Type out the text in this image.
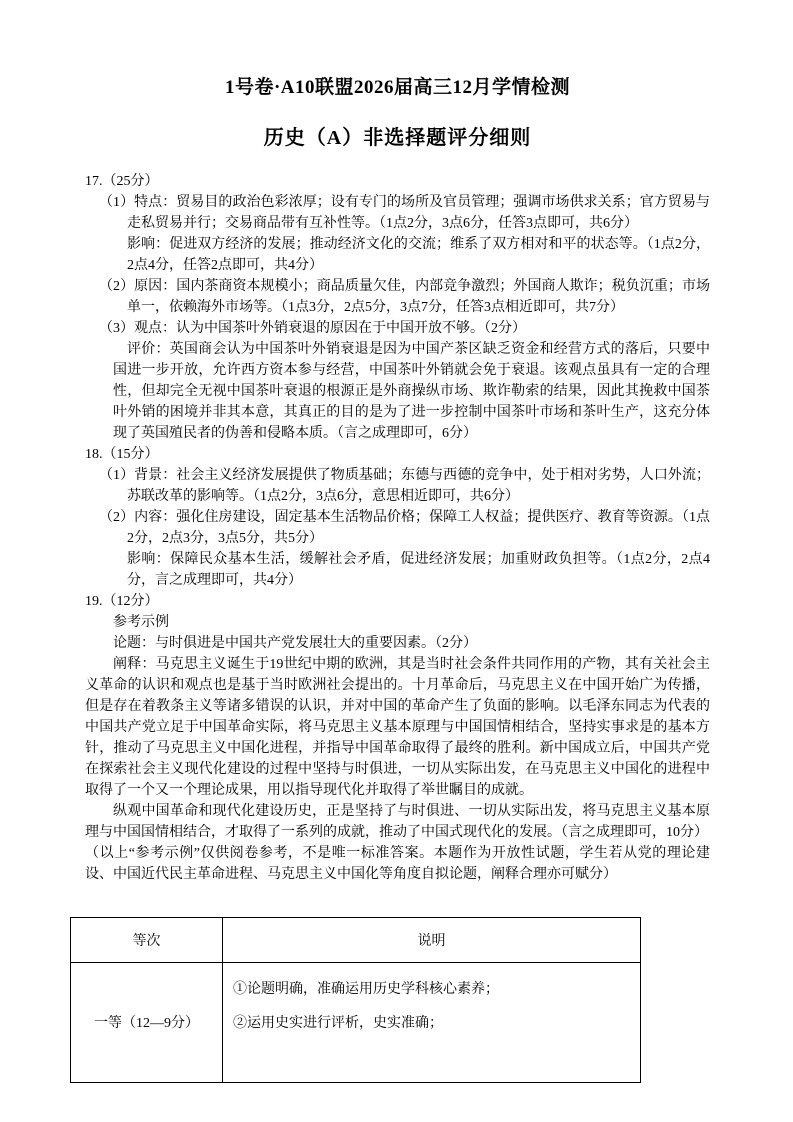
1号卷·A10联盟2026届高三12月学情检测
历史（A）非选择题评分细则

17.（25分）

（1）特点：贸易目的政治色彩浓厚；设有专门的场所及官员管理；强调市场供求关系；官方贸易与走私贸易并行；交易商品带有互补性等。（1点2分，3点6分，任答3点即可，共6分）

影响：促进双方经济的发展；推动经济文化的交流；维系了双方相对和平的状态等。（1点2分，2点4分，任答2点即可，共4分）

（2）原因：国内茶商资本规模小；商品质量欠佳，内部竞争激烈；外国商人欺诈；税负沉重；市场单一，依赖海外市场等。（1点3分，2点5分，3点7分，任答3点相近即可，共7分）

（3）观点：认为中国茶叶外销衰退的原因在于中国开放不够。（2分）

评价：英国商会认为中国茶叶外销衰退是因为中国产茶区缺乏资金和经营方式的落后，只要中国进一步开放，允许西方资本参与经营，中国茶叶外销就会免于衰退。该观点虽具有一定的合理性，但却完全无视中国茶叶衰退的根源正是外商操纵市场、欺诈勒索的结果，因此其挽救中国茶叶外销的困境并非其本意，其真正的目的是为了进一步控制中国茶叶市场和茶叶生产，这充分体现了英国殖民者的伪善和侵略本质。（言之成理即可，6分）

18.（15分）

（1）背景：社会主义经济发展提供了物质基础；东德与西德的竞争中，处于相对劣势，人口外流；苏联改革的影响等。（1点2分，3点6分，意思相近即可，共6分）

（2）内容：强化住房建设，固定基本生活物品价格；保障工人权益；提供医疗、教育等资源。（1点2分，2点3分，3点5分，共5分）

影响：保障民众基本生活，缓解社会矛盾，促进经济发展；加重财政负担等。（1点2分，2点4分，言之成理即可，共4分）

19.（12分）

参考示例

论题：与时俱进是中国共产党发展壮大的重要因素。（2分）

阐释：马克思主义诞生于19世纪中期的欧洲，其是当时社会条件共同作用的产物，其有关社会主义革命的认识和观点也是基于当时欧洲社会提出的。十月革命后，马克思主义在中国开始广为传播，但是存在着教条主义等诸多错误的认识，并对中国的革命产生了负面的影响。以毛泽东同志为代表的中国共产党立足于中国革命实际，将马克思主义基本原理与中国国情相结合，坚持实事求是的基本方针，推动了马克思主义中国化进程，并指导中国革命取得了最终的胜利。新中国成立后，中国共产党在探索社会主义现代化建设的过程中坚持与时俱进，一切从实际出发，在马克思主义中国化的进程中取得了一个又一个理论成果，用以指导现代化并取得了举世瞩目的成就。

纵观中国革命和现代化建设历史，正是坚持了与时俱进、一切从实际出发，将马克思主义基本原理与中国国情相结合，才取得了一系列的成就，推动了中国式现代化的发展。（言之成理即可，10分）

（以上“参考示例”仅供阅卷参考，不是唯一标准答案。本题作为开放性试题，学生若从党的理论建设、中国近代民主革命进程、马克思主义中国化等角度自拟论题，阐释合理亦可赋分）

等次	说明
一等（12—9分）	①论题明确，准确运用历史学科核心素养；

②运用史实进行评析，史实准确；
